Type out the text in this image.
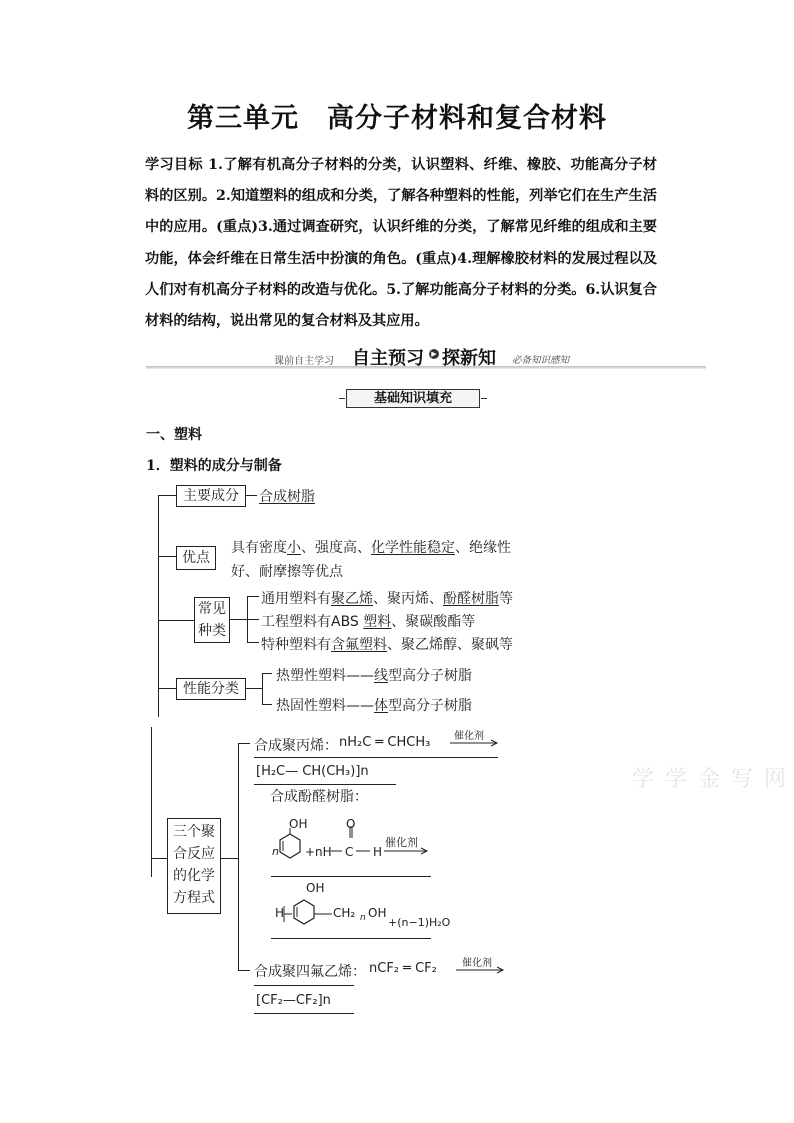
第三单元　高分子材料和复合材料
学习目标 1.了解有机高分子材料的分类，认识塑料、纤维、橡胶、功能高分子材料的区别。2.知道塑料的组成和分类，了解各种塑料的性能，列举它们在生产生活中的应用。(重点)3.通过调查研究，认识纤维的分类，了解常见纤维的组成和主要功能，体会纤维在日常生活中扮演的角色。(重点)4.理解橡胶材料的发展过程以及人们对有机高分子材料的改造与优化。5.了解功能高分子材料的分类。6.认识复合材料的结构，说出常见的复合材料及其应用。
课前自主学习 自主预习	▶ 探新知 必备知识感知
基础知识填充
一、塑料
1．塑料的成分与制备
主要成分	合成树脂
优点
具有密度小、强度高、化学性能稳定、绝缘性
好、耐摩擦等优点
常见
种类
通用塑料有聚乙烯、聚丙烯、酚醛树脂等
工程塑料有ABS 塑料、聚碳酸酯等
特种塑料有含氟塑料、聚乙烯醇、聚砜等
性能分类
热塑性塑料——线型高分子树脂
热固性塑料——体型高分子树脂
三个聚
合反应
的化学
方程式
合成聚丙烯： nH₂C ═ CHCH₃ 催化剂
[H₂C— CH(CH₃)]n
合成酚醛树脂：
OH	O
n +nH C H
催化剂
OH
H	CH₂ n OH
+(n−1)H₂O
合成聚四氟乙烯： nCF₂ ═ CF₂	催化剂
[CF₂—CF₂]n
学 学 金 写 网
